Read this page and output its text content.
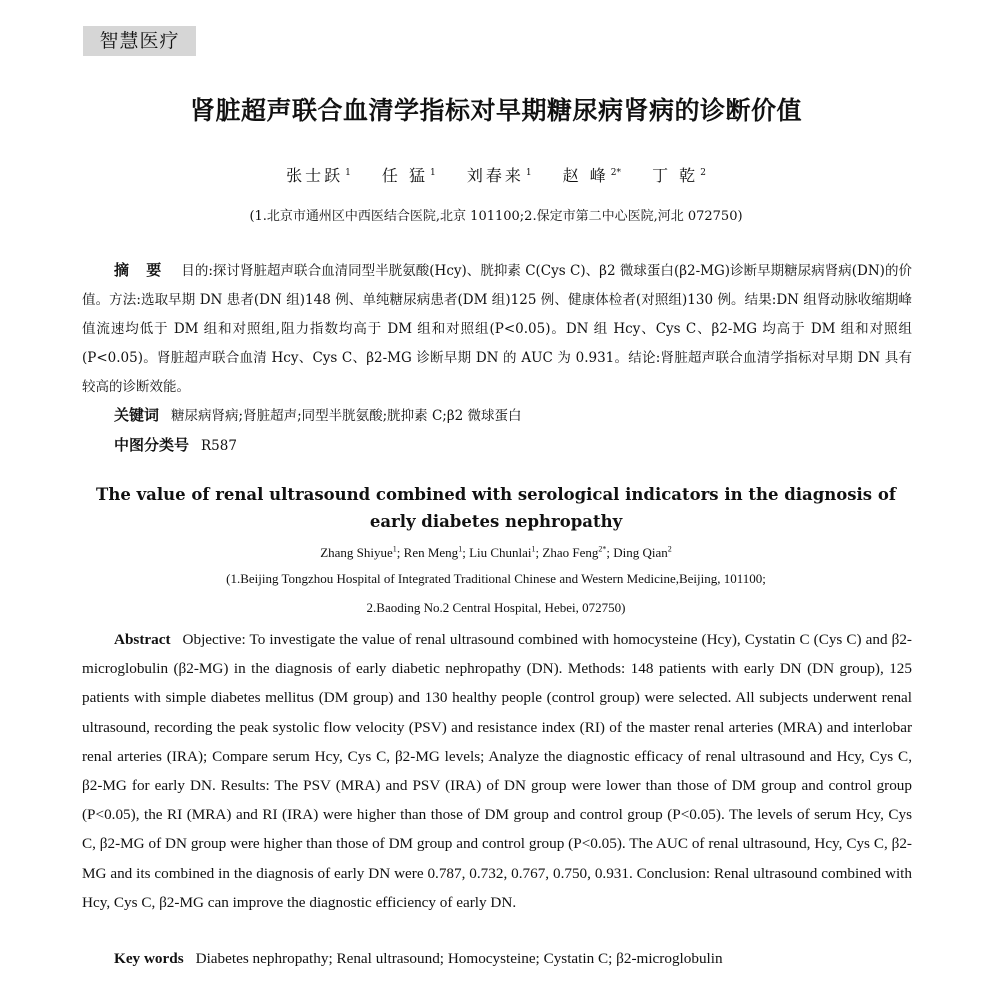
智慧医疗
肾脏超声联合血清学指标对早期糖尿病肾病的诊断价值
张士跃 $^1$ 任 猛 $^1$ 刘春来 $^1$ 赵 峰 $^{2*}$ 丁 乾 $^2$
(1.北京市通州区中西医结合医院,北京 101100;2.保定市第二中心医院,河北 072750)

摘 要 目的:探讨肾脏超声联合血清同型半胱氨酸(Hcy)、胱抑素 C(Cys C)、β2 微球蛋白(β2-MG)诊断早期糖尿病肾病(DN)的价值。方法:选取早期 DN 患者(DN 组)148 例、单纯糖尿病患者(DM 组)125 例、健康体检者(对照组)130 例。结果:DN 组肾动脉收缩期峰值流速均低于 DM 组和对照组,阻力指数均高于 DM 组和对照组(P<0.05)。DN 组 Hcy、Cys C、β2-MG 均高于 DM 组和对照组(P<0.05)。肾脏超声联合血清 Hcy、Cys C、β2-MG 诊断早期 DN 的 AUC 为 0.931。结论:肾脏超声联合血清学指标对早期 DN 具有较高的诊断效能。

关键词 糖尿病肾病;肾脏超声;同型半胱氨酸;胱抑素 C;β2 微球蛋白
中图分类号 R587
The value of renal ultrasound combined with serological indicators in the diagnosis of early diabetes nephropathy
Zhang Shiyue$^1$; Ren Meng$^1$; Liu Chunlai$^1$; Zhao Feng$^{2*}$; Ding Qian$^2$
(1.Beijing Tongzhou Hospital of Integrated Traditional Chinese and Western Medicine,Beijing, 101100;
2.Baoding No.2 Central Hospital, Hebei, 072750)

Abstract Objective: To investigate the value of renal ultrasound combined with homocysteine (Hcy), Cystatin C (Cys C) and β2-microglobulin (β2-MG) in the diagnosis of early diabetic nephropathy (DN). Methods: 148 patients with early DN (DN group), 125 patients with simple diabetes mellitus (DM group) and 130 healthy people (control group) were selected. All subjects underwent renal ultrasound, recording the peak systolic flow velocity (PSV) and resistance index (RI) of the master renal arteries (MRA) and interlobar renal arteries (IRA); Compare serum Hcy, Cys C, β2-MG levels; Analyze the diagnostic efficacy of renal ultrasound and Hcy, Cys C, β2-MG for early DN. Results: The PSV (MRA) and PSV (IRA) of DN group were lower than those of DM group and control group (P<0.05), the RI (MRA) and RI (IRA) were higher than those of DM group and control group (P<0.05). The levels of serum Hcy, Cys C, β2-MG of DN group were higher than those of DM group and control group (P<0.05). The AUC of renal ultrasound, Hcy, Cys C, β2-MG and its combined in the diagnosis of early DN were 0.787, 0.732, 0.767, 0.750, 0.931. Conclusion: Renal ultrasound combined with Hcy, Cys C, β2-MG can improve the diagnostic efficiency of early DN.

Key words Diabetes nephropathy; Renal ultrasound; Homocysteine; Cystatin C; β2-microglobulin
